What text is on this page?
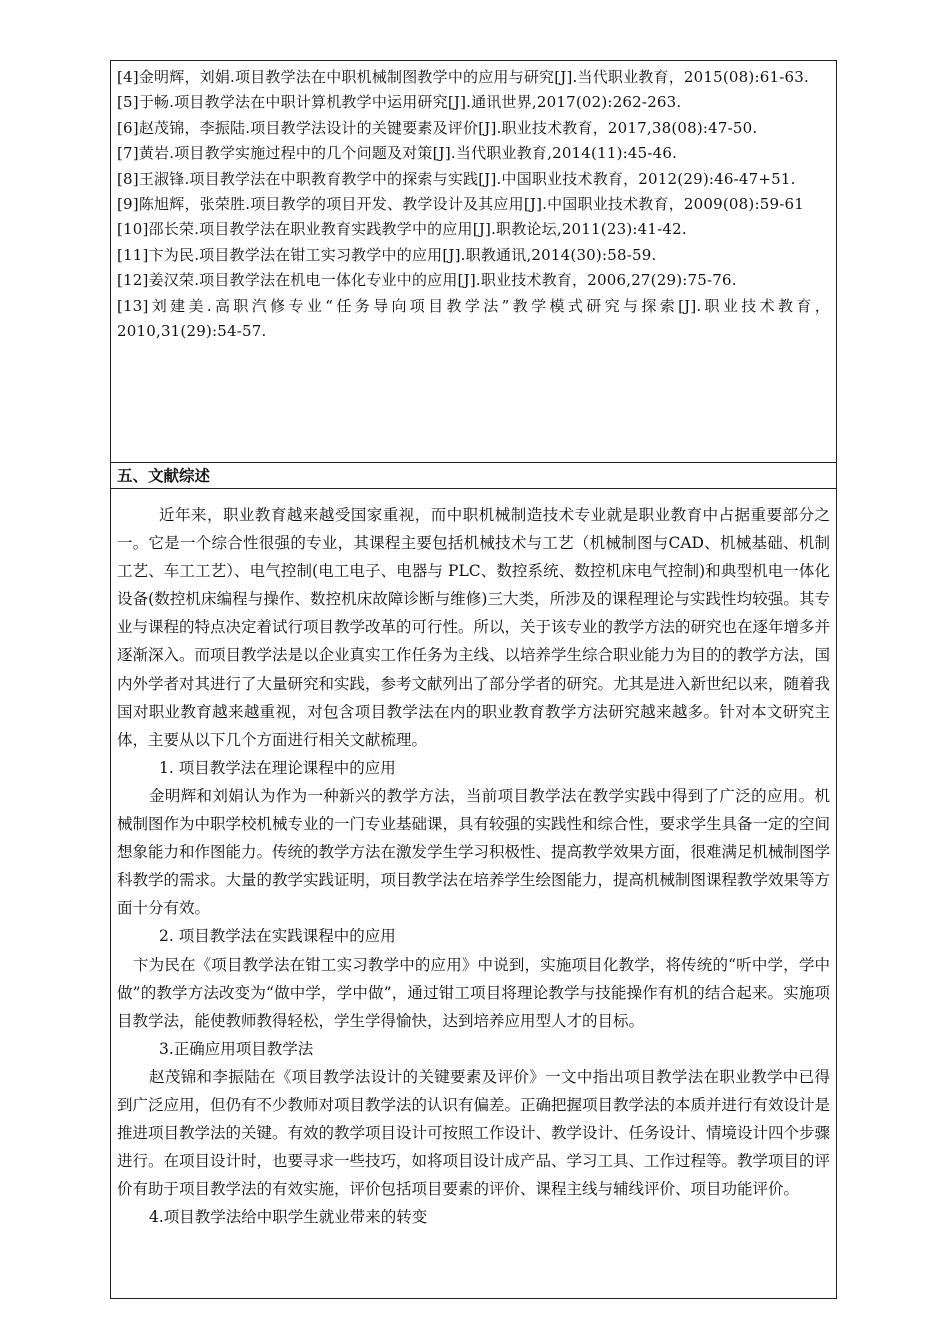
[4]金明辉，刘娟.项目教学法在中职机械制图教学中的应用与研究[J].当代职业教育，2015(08):61-63.

[5]于畅.项目教学法在中职计算机教学中运用研究[J].通讯世界,2017(02):262-263.

[6]赵茂锦，李振陆.项目教学法设计的关键要素及评价[J].职业技术教育，2017,38(08):47-50.

[7]黄岩.项目教学实施过程中的几个问题及对策[J].当代职业教育,2014(11):45-46.

[8]王淑锋.项目教学法在中职教育教学中的探索与实践[J].中国职业技术教育，2012(29):46-47+51.

[9]陈旭辉，张荣胜.项目教学的项目开发、教学设计及其应用[J].中国职业技术教育，2009(08):59-61

[10]邵长荣.项目教学法在职业教育实践教学中的应用[J].职教论坛,2011(23):41-42.

[11]卞为民.项目教学法在钳工实习教学中的应用[J].职教通讯,2014(30):58-59.

[12]姜汉荣.项目教学法在机电一体化专业中的应用[J].职业技术教育，2006,27(29):75-76.

[13]刘建美.高职汽修专业“任务导向项目教学法”教学模式研究与探索[J].职业技术教育，2010,31(29):54-57.

五、文献综述

近年来，职业教育越来越受国家重视，而中职机械制造技术专业就是职业教育中占据重要部分之一。它是一个综合性很强的专业，其课程主要包括机械技术与工艺（机械制图与CAD、机械基础、机制工艺、车工工艺）、电气控制(电工电子、电器与 PLC、数控系统、数控机床电气控制)和典型机电一体化设备(数控机床编程与操作、数控机床故障诊断与维修)三大类，所涉及的课程理论与实践性均较强。其专业与课程的特点决定着试行项目教学改革的可行性。所以，关于该专业的教学方法的研究也在逐年增多并逐渐深入。而项目教学法是以企业真实工作任务为主线、以培养学生综合职业能力为目的的教学方法，国内外学者对其进行了大量研究和实践，参考文献列出了部分学者的研究。尤其是进入新世纪以来，随着我国对职业教育越来越重视，对包含项目教学法在内的职业教育教学方法研究越来越多。针对本文研究主体，主要从以下几个方面进行相关文献梳理。

1. 项目教学法在理论课程中的应用

金明辉和刘娟认为作为一种新兴的教学方法，当前项目教学法在教学实践中得到了广泛的应用。机械制图作为中职学校机械专业的一门专业基础课，具有较强的实践性和综合性，要求学生具备一定的空间想象能力和作图能力。传统的教学方法在激发学生学习积极性、提高教学效果方面，很难满足机械制图学科教学的需求。大量的教学实践证明，项目教学法在培养学生绘图能力，提高机械制图课程教学效果等方面十分有效。

2. 项目教学法在实践课程中的应用

卞为民在《项目教学法在钳工实习教学中的应用》中说到，实施项目化教学，将传统的“听中学，学中做”的教学方法改变为“做中学，学中做”，通过钳工项目将理论教学与技能操作有机的结合起来。实施项目教学法，能使教师教得轻松，学生学得愉快，达到培养应用型人才的目标。

3.正确应用项目教学法

赵茂锦和李振陆在《项目教学法设计的关键要素及评价》一文中指出项目教学法在职业教学中已得到广泛应用，但仍有不少教师对项目教学法的认识有偏差。正确把握项目教学法的本质并进行有效设计是推进项目教学法的关键。有效的教学项目设计可按照工作设计、教学设计、任务设计、情境设计四个步骤进行。在项目设计时，也要寻求一些技巧，如将项目设计成产品、学习工具、工作过程等。教学项目的评价有助于项目教学法的有效实施，评价包括项目要素的评价、课程主线与辅线评价、项目功能评价。

4.项目教学法给中职学生就业带来的转变
